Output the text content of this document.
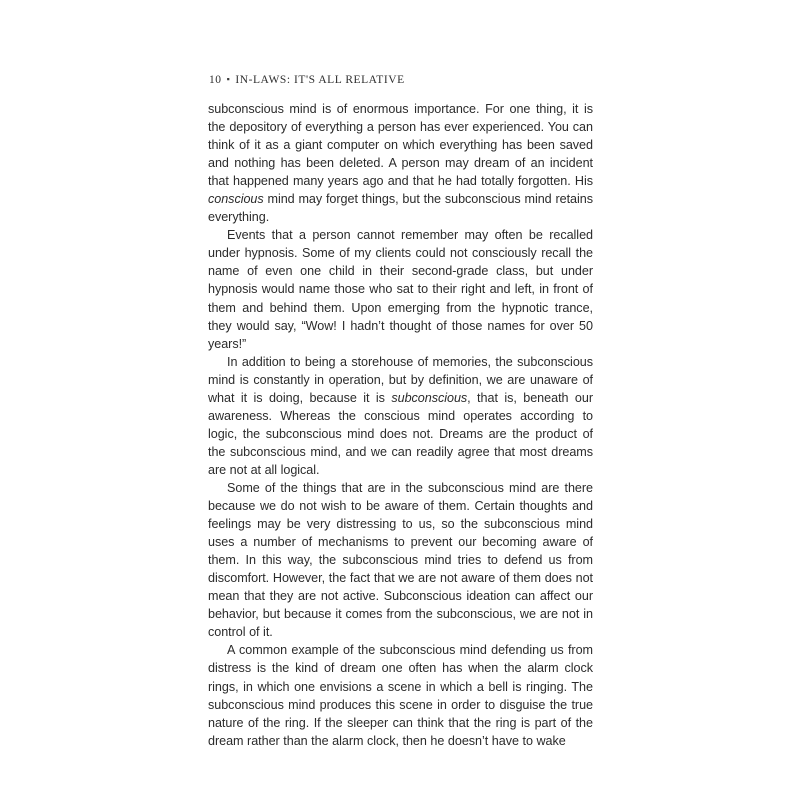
10 ▪ IN-LAWS: IT'S ALL RELATIVE

subconscious mind is of enormous importance. For one thing, it is the depository of everything a person has ever experienced. You can think of it as a giant computer on which everything has been saved and nothing has been deleted. A person may dream of an incident that happened many years ago and that he had totally forgotten. His conscious mind may forget things, but the subconscious mind retains everything.

Events that a person cannot remember may often be recalled under hypnosis. Some of my clients could not consciously recall the name of even one child in their second-grade class, but under hypnosis would name those who sat to their right and left, in front of them and behind them. Upon emerging from the hypnotic trance, they would say, “Wow! I hadn’t thought of those names for over 50 years!”

In addition to being a storehouse of memories, the subconscious mind is constantly in operation, but by definition, we are unaware of what it is doing, because it is subconscious, that is, beneath our awareness. Whereas the conscious mind operates according to logic, the subconscious mind does not. Dreams are the product of the subconscious mind, and we can readily agree that most dreams are not at all logical.

Some of the things that are in the subconscious mind are there because we do not wish to be aware of them. Certain thoughts and feelings may be very distressing to us, so the subconscious mind uses a number of mechanisms to prevent our becoming aware of them. In this way, the subconscious mind tries to defend us from discomfort. However, the fact that we are not aware of them does not mean that they are not active. Subconscious ideation can affect our behavior, but because it comes from the subconscious, we are not in control of it.

A common example of the subconscious mind defending us from distress is the kind of dream one often has when the alarm clock rings, in which one envisions a scene in which a bell is ringing. The subconscious mind produces this scene in order to disguise the true nature of the ring. If the sleeper can think that the ring is part of the dream rather than the alarm clock, then he doesn’t have to wake
